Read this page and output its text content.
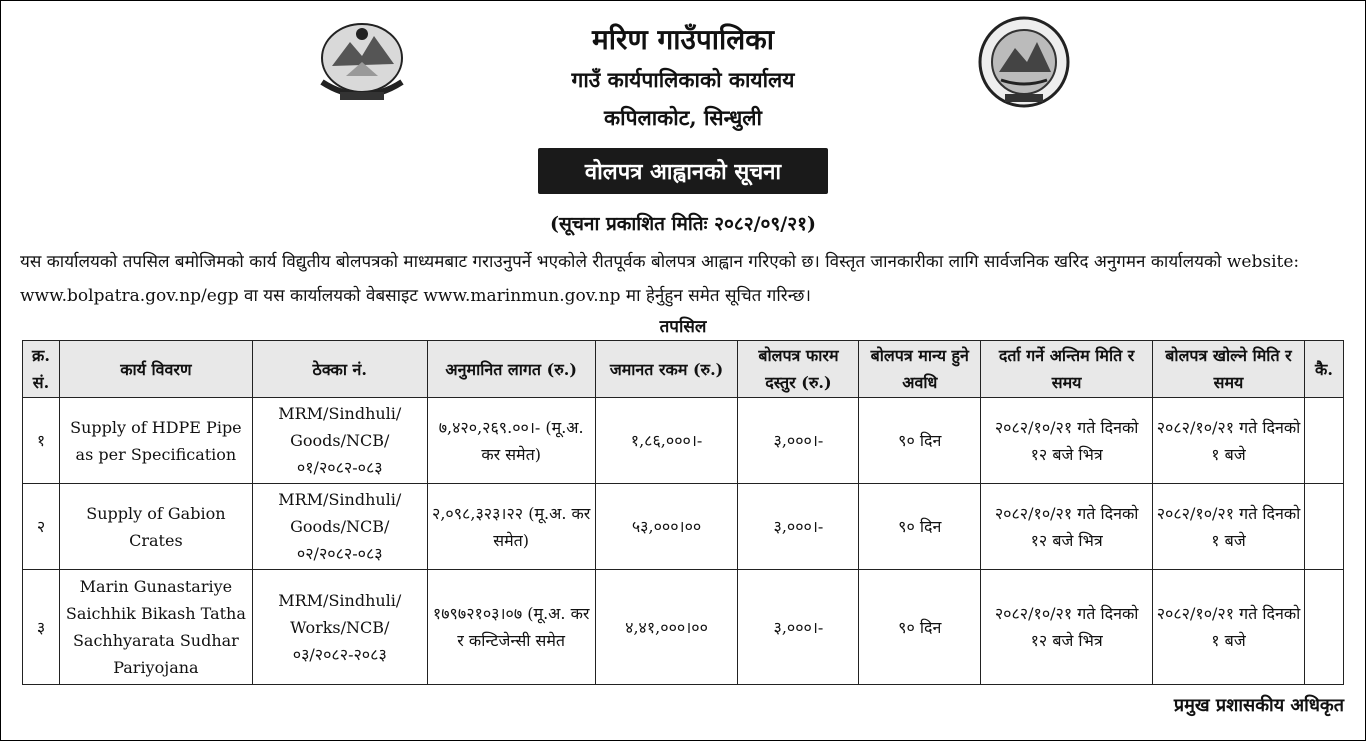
मरिण गाउँपालिका
गाउँ कार्यपालिकाको कार्यालय
कपिलाकोट, सिन्धुली
वोलपत्र आह्वानको सूचना
(सूचना प्रकाशित मितिः २०८२/०९/२१)
यस कार्यालयको तपसिल बमोजिमको कार्य विद्युतीय बोलपत्रको माध्यमबाट गराउनुपर्ने भएकोले रीतपूर्वक बोलपत्र आह्वान गरिएको छ। विस्तृत जानकारीका लागि सार्वजनिक खरिद अनुगमन कार्यालयको website: www.bolpatra.gov.np/egp वा यस कार्यालयको वेबसाइट www.marinmun.gov.np मा हेर्नुहुन समेत सूचित गरिन्छ।
तपसिल
क्र. सं.	कार्य विवरण	ठेक्का नं.	अनुमानित लागत (रु.)	जमानत रकम (रु.)	बोलपत्र फारम दस्तुर (रु.)	बोलपत्र मान्य हुने अवधि	दर्ता गर्ने अन्तिम मिति र समय	बोलपत्र खोल्ने मिति र समय	कै.
१	Supply of HDPE Pipe as per Specification	MRM/Sindhuli/ Goods/NCB/ ०१/२०८२-०८३	७,४२०,२६९.००।- (मू.अ. कर समेत)	१,८६,०००।-	३,०००।-	९० दिन	२०८२/१०/२१ गते दिनको १२ बजे भित्र	२०८२/१०/२१ गते दिनको १ बजे	
२	Supply of Gabion Crates	MRM/Sindhuli/ Goods/NCB/ ०२/२०८२-०८३	२,०९८,३२३।२२ (मू.अ. कर समेत)	५३,०००।००	३,०००।-	९० दिन	२०८२/१०/२१ गते दिनको १२ बजे भित्र	२०८२/१०/२१ गते दिनको १ बजे	
३	Marin Gunastariye Saichhik Bikash Tatha Sachhyarata Sudhar Pariyojana	MRM/Sindhuli/ Works/NCB/ ०३/२०८२-२०८३	१७९७२१०३।०७ (मू.अ. कर र कन्टिजेन्सी समेत	४,४१,०००।००	३,०००।-	९० दिन	२०८२/१०/२१ गते दिनको १२ बजे भित्र	२०८२/१०/२१ गते दिनको १ बजे	
प्रमुख प्रशासकीय अधिकृत
